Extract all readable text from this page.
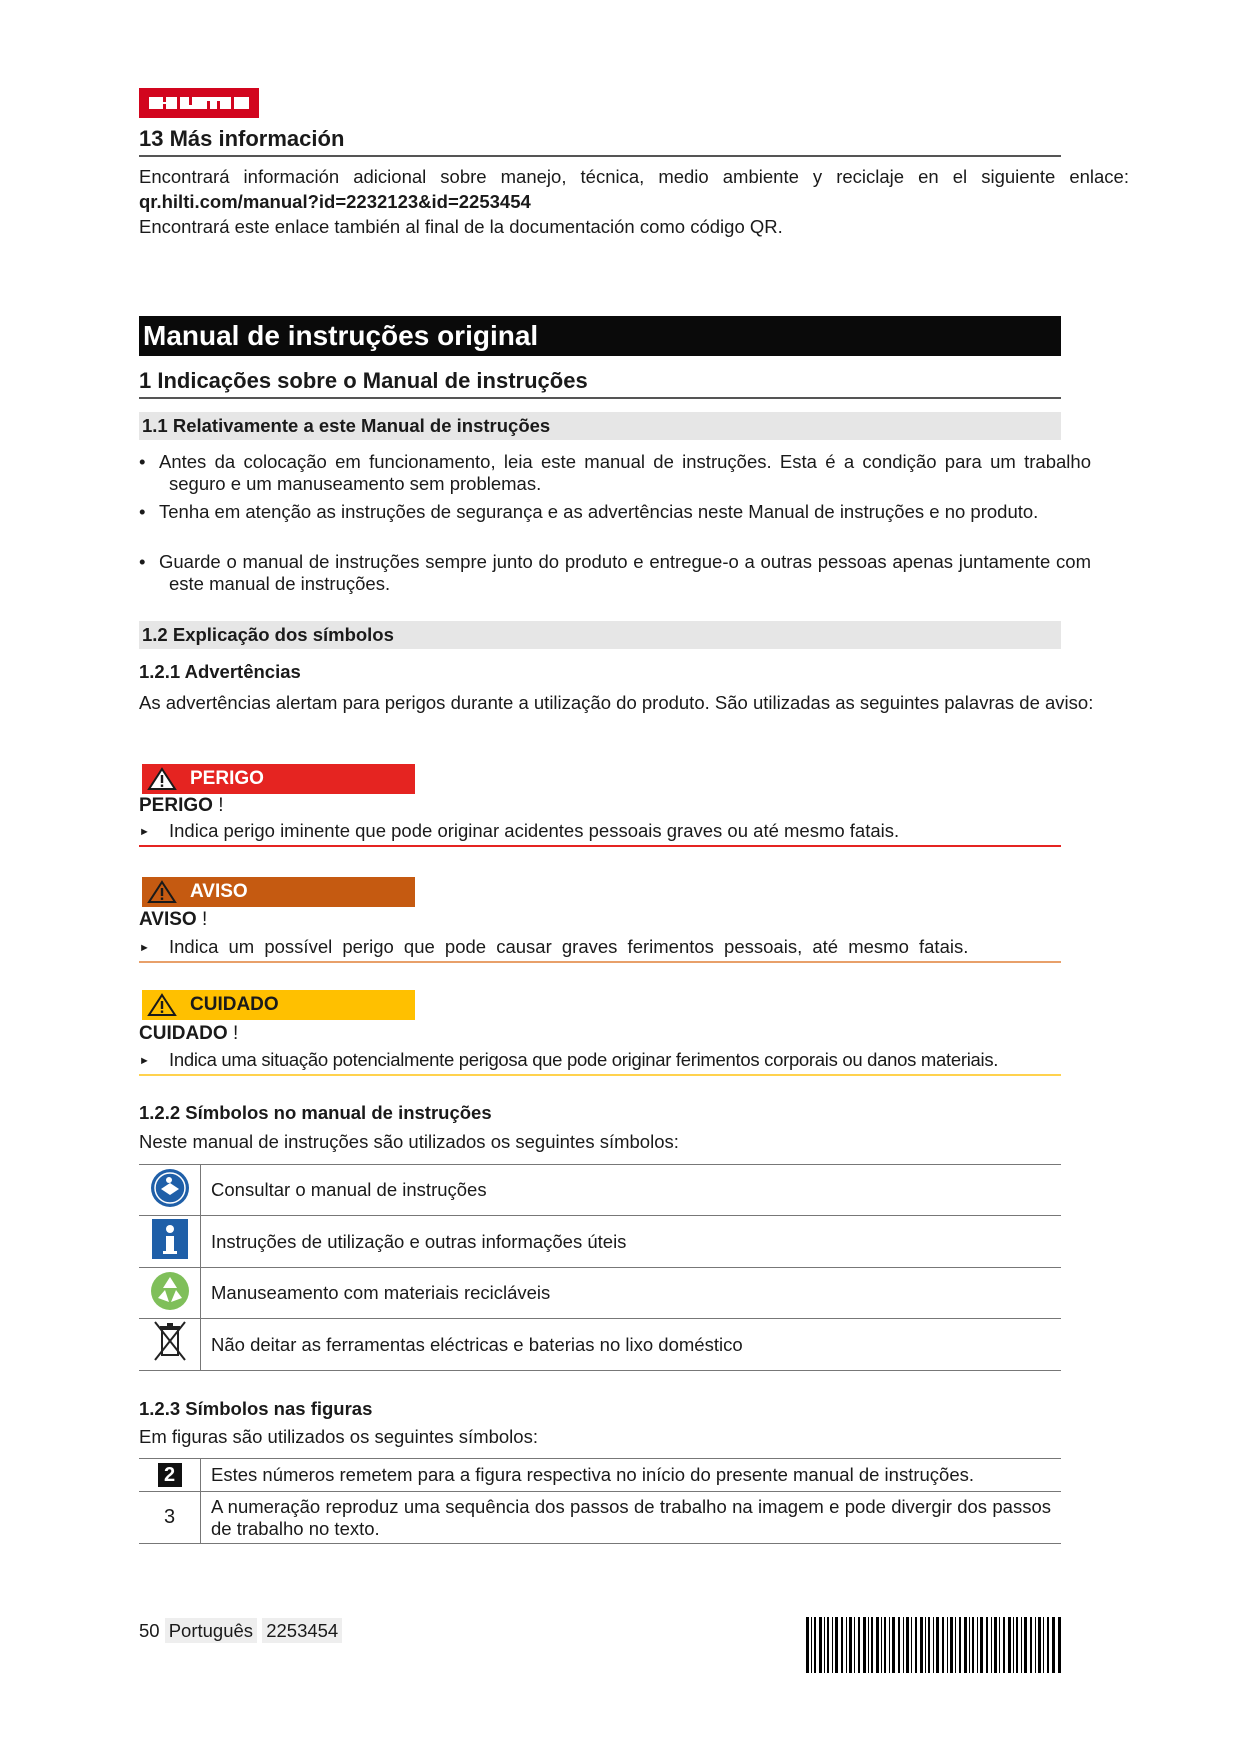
13 Más información
Encontrará información adicional sobre manejo, técnica, medio ambiente y reciclaje en el siguiente enlace:
qr.hilti.com/manual?id=2232123&id=2253454
Encontrará este enlace también al final de la documentación como código QR.
Manual de instruções original
1 Indicações sobre o Manual de instruções
1.1 Relativamente a este Manual de instruções
• Antes da colocação em funcionamento, leia este manual de instruções. Esta é a condição para um trabalho seguro e um manuseamento sem problemas.
• Tenha em atenção as instruções de segurança e as advertências neste Manual de instruções e no produto.
• Guarde o manual de instruções sempre junto do produto e entregue-o a outras pessoas apenas juntamente com este manual de instruções.
1.2 Explicação dos símbolos
1.2.1 Advertências
As advertências alertam para perigos durante a utilização do produto. São utilizadas as seguintes palavras de aviso:
PERIGO
PERIGO !
► Indica perigo iminente que pode originar acidentes pessoais graves ou até mesmo fatais.
AVISO
AVISO !
► Indica um possível perigo que pode causar graves ferimentos pessoais, até mesmo fatais.
CUIDADO
CUIDADO !
► Indica uma situação potencialmente perigosa que pode originar ferimentos corporais ou danos materiais.
1.2.2 Símbolos no manual de instruções
Neste manual de instruções são utilizados os seguintes símbolos:
	Consultar o manual de instruções
	Instruções de utilização e outras informações úteis
	Manuseamento com materiais recicláveis
	Não deitar as ferramentas eléctricas e baterias no lixo doméstico
1.2.3 Símbolos nas figuras
Em figuras são utilizados os seguintes símbolos:
2	Estes números remetem para a figura respectiva no início do presente manual de instruções.
3	A numeração reproduz uma sequência dos passos de trabalho na imagem e pode divergir dos passos de trabalho no texto.
50 Português 2253454
